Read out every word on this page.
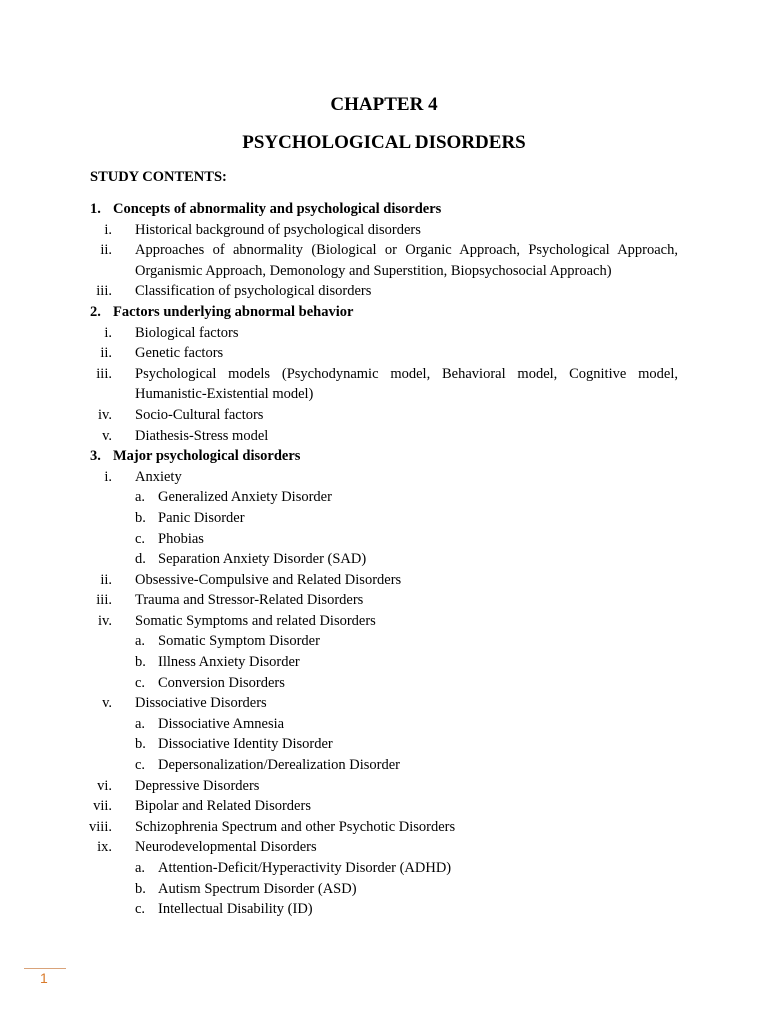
CHAPTER 4
PSYCHOLOGICAL DISORDERS
STUDY CONTENTS:
1. Concepts of abnormality and psychological disorders
i. Historical background of psychological disorders
ii. Approaches of abnormality (Biological or Organic Approach, Psychological Approach, Organismic Approach, Demonology and Superstition, Biopsychosocial Approach)
iii. Classification of psychological disorders
2. Factors underlying abnormal behavior
i. Biological factors
ii. Genetic factors
iii. Psychological models (Psychodynamic model, Behavioral model, Cognitive model, Humanistic-Existential model)
iv. Socio-Cultural factors
v. Diathesis-Stress model
3. Major psychological disorders
i. Anxiety
a. Generalized Anxiety Disorder
b. Panic Disorder
c. Phobias
d. Separation Anxiety Disorder (SAD)
ii. Obsessive-Compulsive and Related Disorders
iii. Trauma and Stressor-Related Disorders
iv. Somatic Symptoms and related Disorders
a. Somatic Symptom Disorder
b. Illness Anxiety Disorder
c. Conversion Disorders
v. Dissociative Disorders
a. Dissociative Amnesia
b. Dissociative Identity Disorder
c. Depersonalization/Derealization Disorder
vi. Depressive Disorders
vii. Bipolar and Related Disorders
viii. Schizophrenia Spectrum and other Psychotic Disorders
ix. Neurodevelopmental Disorders
a. Attention-Deficit/Hyperactivity Disorder (ADHD)
b. Autism Spectrum Disorder (ASD)
c. Intellectual Disability (ID)
1
